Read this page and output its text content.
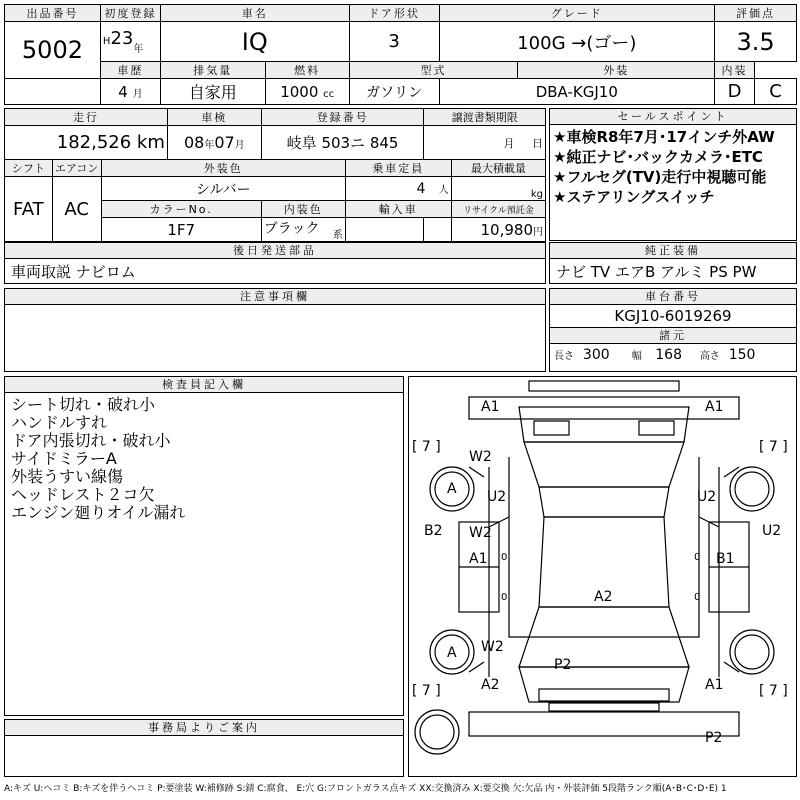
出品番号	初度登録	車名		ドア形状	グレード		評価点	
5002	$H23_年$	IQ		3	100G →(ゴー)		3.5	
	車歴	排気量	燃料	型式		外装	内装	
	4 月	自家用	1000 cc	ガソリン	DBA-KGJ10		D	C
走行			車検	登録番号		譲渡書類期限	
182,526 km			08年07月	岐阜 503ニ 845		月 日	
シフト	エアコン	外装色			乗車定員		最大積載量
FAT	AC	シルバー			4 人		kg
		カラーNo.		内装色	輸入車		リサイクル預託金
		1F7		ブラック $_系$			10,980円
セールスポイント
★車検R8年7月･17インチ外AW
★純正ナビ･バックカメラ･ETC
★フルセグ(TV)走行中視聴可能
★ステアリングスイッチ
後日発送部品
車両取説 ナビロム
純正装備
ナビ TV エアB アルミ PS PW
注意事項欄	車台番号
KGJ10-6019269
諸元
長さ 300 幅 168 高さ 150
検査員記入欄
シート切れ・破れ小
ハンドルすれ
ドア内張切れ・破れ小
サイドミラーA
外装うすい線傷
ヘッドレスト２コ欠
エンジン廻りオイル漏れ
事務局よりご案内
A1	A1
[ 7 ]	[ 7 ]
W2
A U2	U2
U2
B2 W2
A1	B1
0	0
0	0
A2
W2
A
P2
[ 7 ]	[ 7 ]
A2	A1
P2
A:キズ U:ヘコミ B:キズを伴うヘコミ P:要塗装 W:補修跡 S:錆 C:腐食、 E:穴 G:フロントガラス点キズ XX:交換済み X:要交換 欠:欠品 内・外装評価 5段階ランク順(A･B･C･D･E) 1
